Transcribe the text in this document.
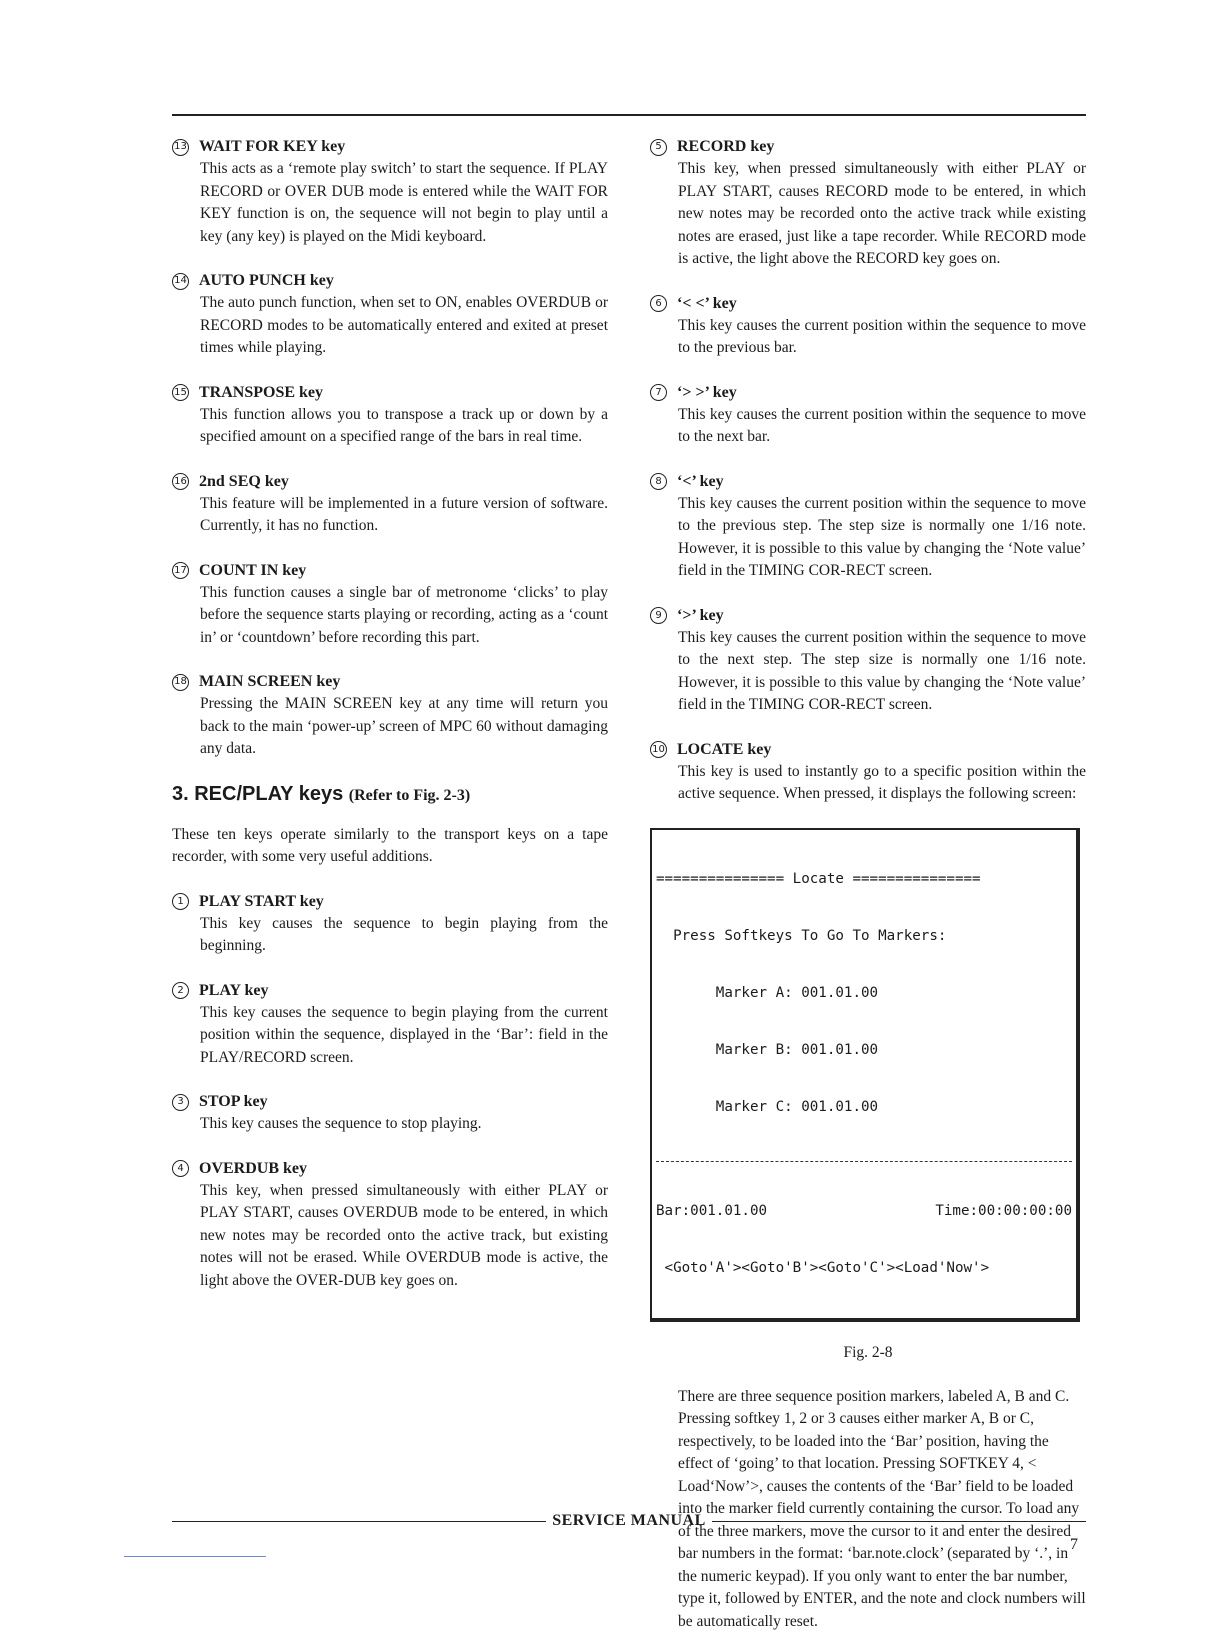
13 WAIT FOR KEY key
This acts as a ‘remote play switch’ to start the sequence. If PLAY RECORD or OVER DUB mode is entered while the WAIT FOR KEY function is on, the sequence will not begin to play until a key (any key) is played on the Midi keyboard.
14 AUTO PUNCH key
The auto punch function, when set to ON, enables OVERDUB or RECORD modes to be automatically entered and exited at preset times while playing.
15 TRANSPOSE key
This function allows you to transpose a track up or down by a specified amount on a specified range of the bars in real time.
16 2nd SEQ key
This feature will be implemented in a future version of software. Currently, it has no function.
17 COUNT IN key
This function causes a single bar of metronome ‘clicks’ to play before the sequence starts playing or recording, acting as a ‘count in’ or ‘countdown’ before recording this part.
18 MAIN SCREEN key
Pressing the MAIN SCREEN key at any time will return you back to the main ‘power-up’ screen of MPC 60 without damaging any data.
3. REC/PLAY keys (Refer to Fig. 2-3)
These ten keys operate similarly to the transport keys on a tape recorder, with some very useful additions.
1 PLAY START key
This key causes the sequence to begin playing from the beginning.
2 PLAY key
This key causes the sequence to begin playing from the current position within the sequence, displayed in the ‘Bar’: field in the PLAY/RECORD screen.
3 STOP key
This key causes the sequence to stop playing.
4 OVERDUB key
This key, when pressed simultaneously with either PLAY or PLAY START, causes OVERDUB mode to be entered, in which new notes may be recorded onto the active track, but existing notes will not be erased. While OVERDUB mode is active, the light above the OVER-DUB key goes on.
5 RECORD key
This key, when pressed simultaneously with either PLAY or PLAY START, causes RECORD mode to be entered, in which new notes may be recorded onto the active track while existing notes are erased, just like a tape recorder. While RECORD mode is active, the light above the RECORD key goes on.
6 ‘< <’ key
This key causes the current position within the sequence to move to the previous bar.
7 ‘> >’ key
This key causes the current position within the sequence to move to the next bar.
8 ‘<’ key
This key causes the current position within the sequence to move to the previous step. The step size is normally one 1/16 note. However, it is possible to this value by changing the ‘Note value’ field in the TIMING COR-RECT screen.
9 ‘>’ key
This key causes the current position within the sequence to move to the next step. The step size is normally one 1/16 note. However, it is possible to this value by changing the ‘Note value’ field in the TIMING COR-RECT screen.
10 LOCATE key
This key is used to instantly go to a specific position within the active sequence. When pressed, it displays the following screen:

=============== Locate ===============

Press Softkeys To Go To Markers:

Marker A: 001.01.00

Marker B: 001.01.00

Marker C: 001.01.00

Bar:001.01.00	Time:00:00:00:00

<Goto'A'><Goto'B'><Goto'C'><Load'Now'>

Fig. 2-8
There are three sequence position markers, labeled A, B and C.
Pressing softkey 1, 2 or 3 causes either marker A, B or C, respectively, to be loaded into the ‘Bar’ position, having the effect of ‘going’ to that location. Pressing SOFTKEY 4, < Load‘Now’>, causes the contents of the ‘Bar’ field to be loaded into the marker field currently containing the cursor. To load any of the three markers, move the cursor to it and enter the desired bar numbers in the format: ‘bar.note.clock’ (separated by ‘.’, in the numeric keypad). If you only want to enter the bar number, type it, followed by ENTER, and the note and clock numbers will be automatically reset.
SERVICE MANUAL
7
